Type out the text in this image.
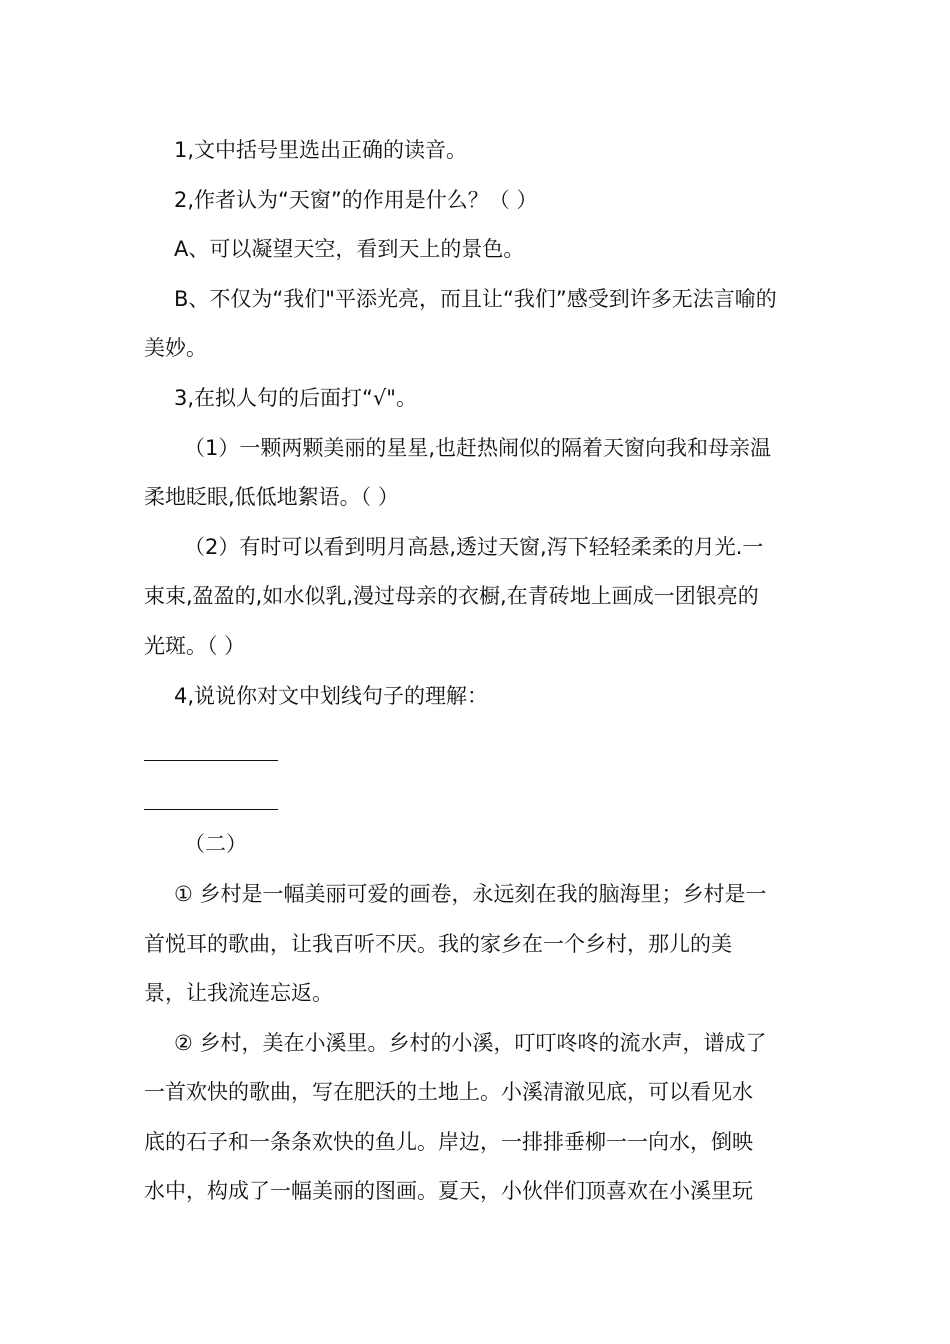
1,文中括号里选出正确的读音。
2,作者认为“天窗”的作用是什么？（ ）
A、可以凝望天空，看到天上的景色。
B、不仅为“我们"平添光亮，而且让“我们”感受到许多无法言喻的
美妙。
3,在拟人句的后面打“√"。
（1）一颗两颗美丽的星星,也赶热闹似的隔着天窗向我和母亲温
柔地眨眼,低低地絮语。（ ）
（2）有时可以看到明月高悬,透过天窗,泻下轻轻柔柔的月光.一
束束,盈盈的,如水似乳,漫过母亲的衣橱,在青砖地上画成一团银亮的
光斑。（ ）
4,说说你对文中划线句子的理解：
（二）
① 乡村是一幅美丽可爱的画卷，永远刻在我的脑海里；乡村是一
首悦耳的歌曲，让我百听不厌。我的家乡在一个乡村，那儿的美
景，让我流连忘返。
② 乡村，美在小溪里。乡村的小溪，叮叮咚咚的流水声，谱成了
一首欢快的歌曲，写在肥沃的土地上。小溪清澈见底，可以看见水
底的石子和一条条欢快的鱼儿。岸边，一排排垂柳一一向水，倒映
水中，构成了一幅美丽的图画。夏天，小伙伴们顶喜欢在小溪里玩
